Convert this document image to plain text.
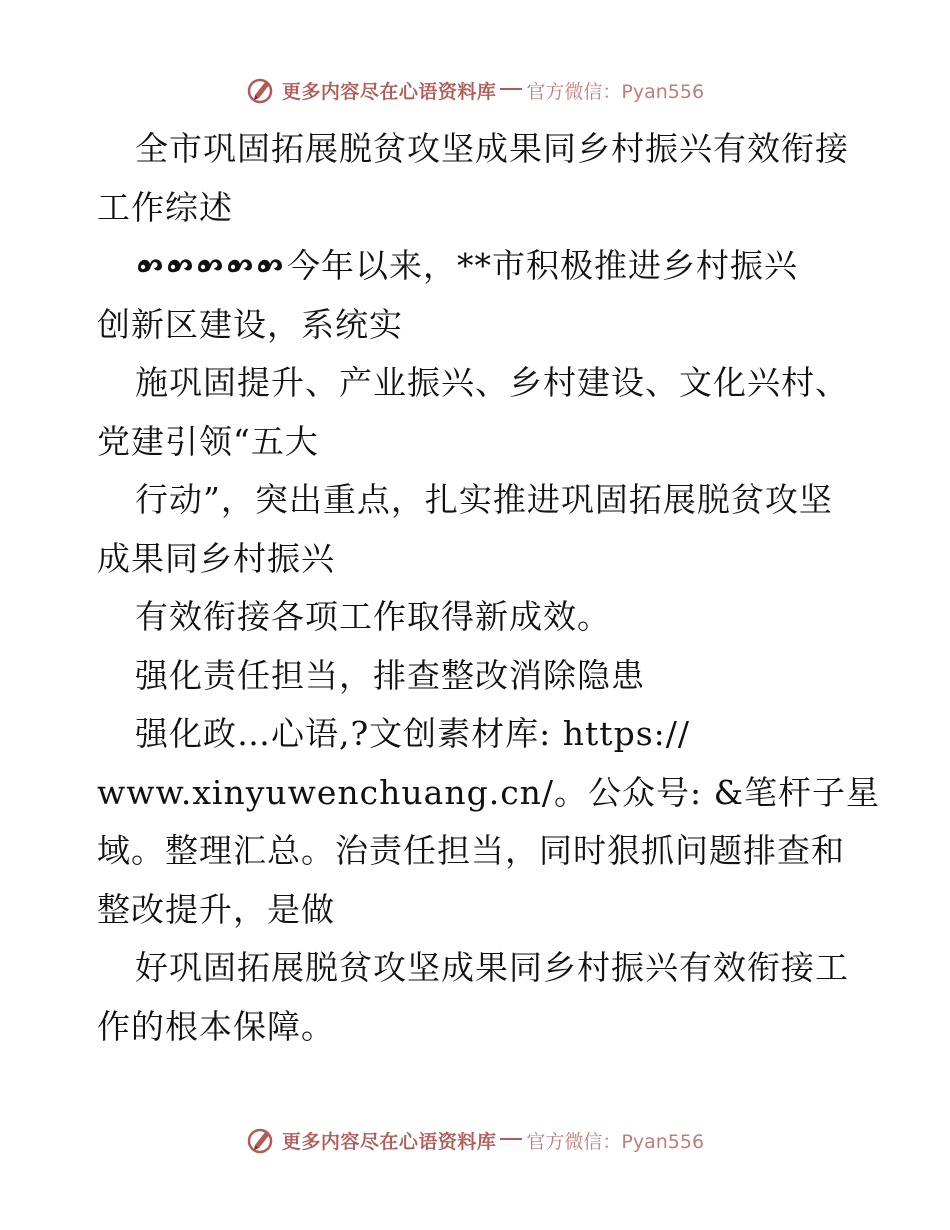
更多内容尽在心语资料库 官方微信：Pyan556
全市巩固拓展脱贫攻坚成果同乡村振兴有效衔接
工作综述
今年以来，**市积极推进乡村振兴
创新区建设，系统实
施巩固提升、产业振兴、乡村建设、文化兴村、
党建引领“五大
行动”，突出重点，扎实推进巩固拓展脱贫攻坚
成果同乡村振兴
有效衔接各项工作取得新成效。
强化责任担当，排查整改消除隐患
强化政…心语,?文创素材库: https://
www.xinyuwenchuang.cn/。公众号: &笔杆子星
域。整理汇总。治责任担当，同时狠抓问题排查和
整改提升，是做
好巩固拓展脱贫攻坚成果同乡村振兴有效衔接工
作的根本保障。
更多内容尽在心语资料库 官方微信：Pyan556
